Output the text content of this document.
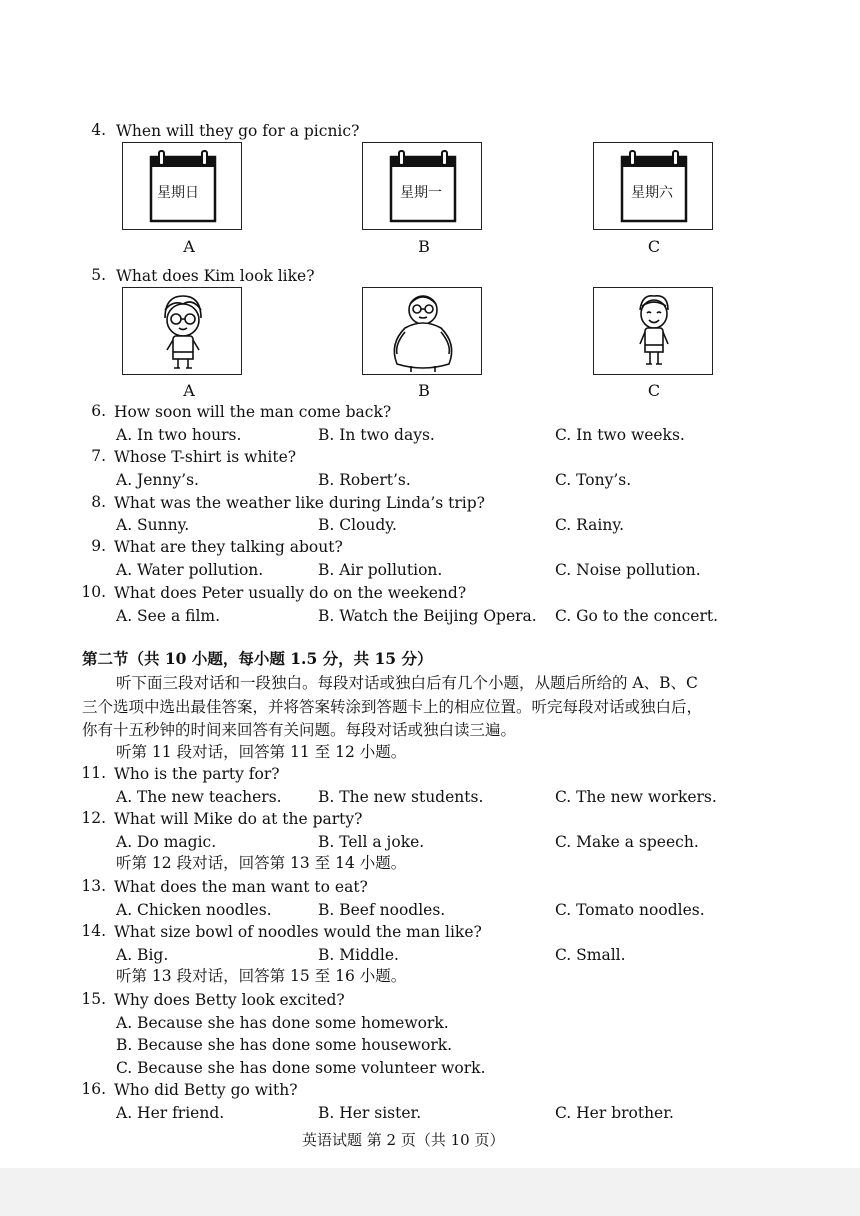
4. When will they go for a picnic?
星期日	星期一	星期六
A	B	C
5. What does Kim look like?
A	B	C
6. How soon will the man come back?
A. In two hours.	B. In two days.	C. In two weeks.
7. Whose T-shirt is white?
A. Jenny’s.	B. Robert’s.	C. Tony’s.
8. What was the weather like during Linda’s trip?
A. Sunny.	B. Cloudy.	C. Rainy.
9. What are they talking about?
A. Water pollution.	B. Air pollution.	C. Noise pollution.
10. What does Peter usually do on the weekend?
A. See a film.	B. Watch the Beijing Opera. C. Go to the concert.
第二节（共 10 小题，每小题 1.5 分，共 15 分）
听下面三段对话和一段独白。每段对话或独白后有几个小题，从题后所给的 A、B、C
三个选项中选出最佳答案，并将答案转涂到答题卡上的相应位置。听完每段对话或独白后，
你有十五秒钟的时间来回答有关问题。每段对话或独白读三遍。
听第 11 段对话，回答第 11 至 12 小题。
11. Who is the party for?
A. The new teachers. B. The new students.	C. The new workers.
12. What will Mike do at the party?
A. Do magic.	B. Tell a joke.	C. Make a speech.
听第 12 段对话，回答第 13 至 14 小题。
13. What does the man want to eat?
A. Chicken noodles.	B. Beef noodles.	C. Tomato noodles.
14. What size bowl of noodles would the man like?
A. Big.	B. Middle.	C. Small.
听第 13 段对话，回答第 15 至 16 小题。
15. Why does Betty look excited?
A. Because she has done some homework.
B. Because she has done some housework.
C. Because she has done some volunteer work.
16. Who did Betty go with?
A. Her friend.	B. Her sister.	C. Her brother.
英语试题 第 2 页（共 10 页）
